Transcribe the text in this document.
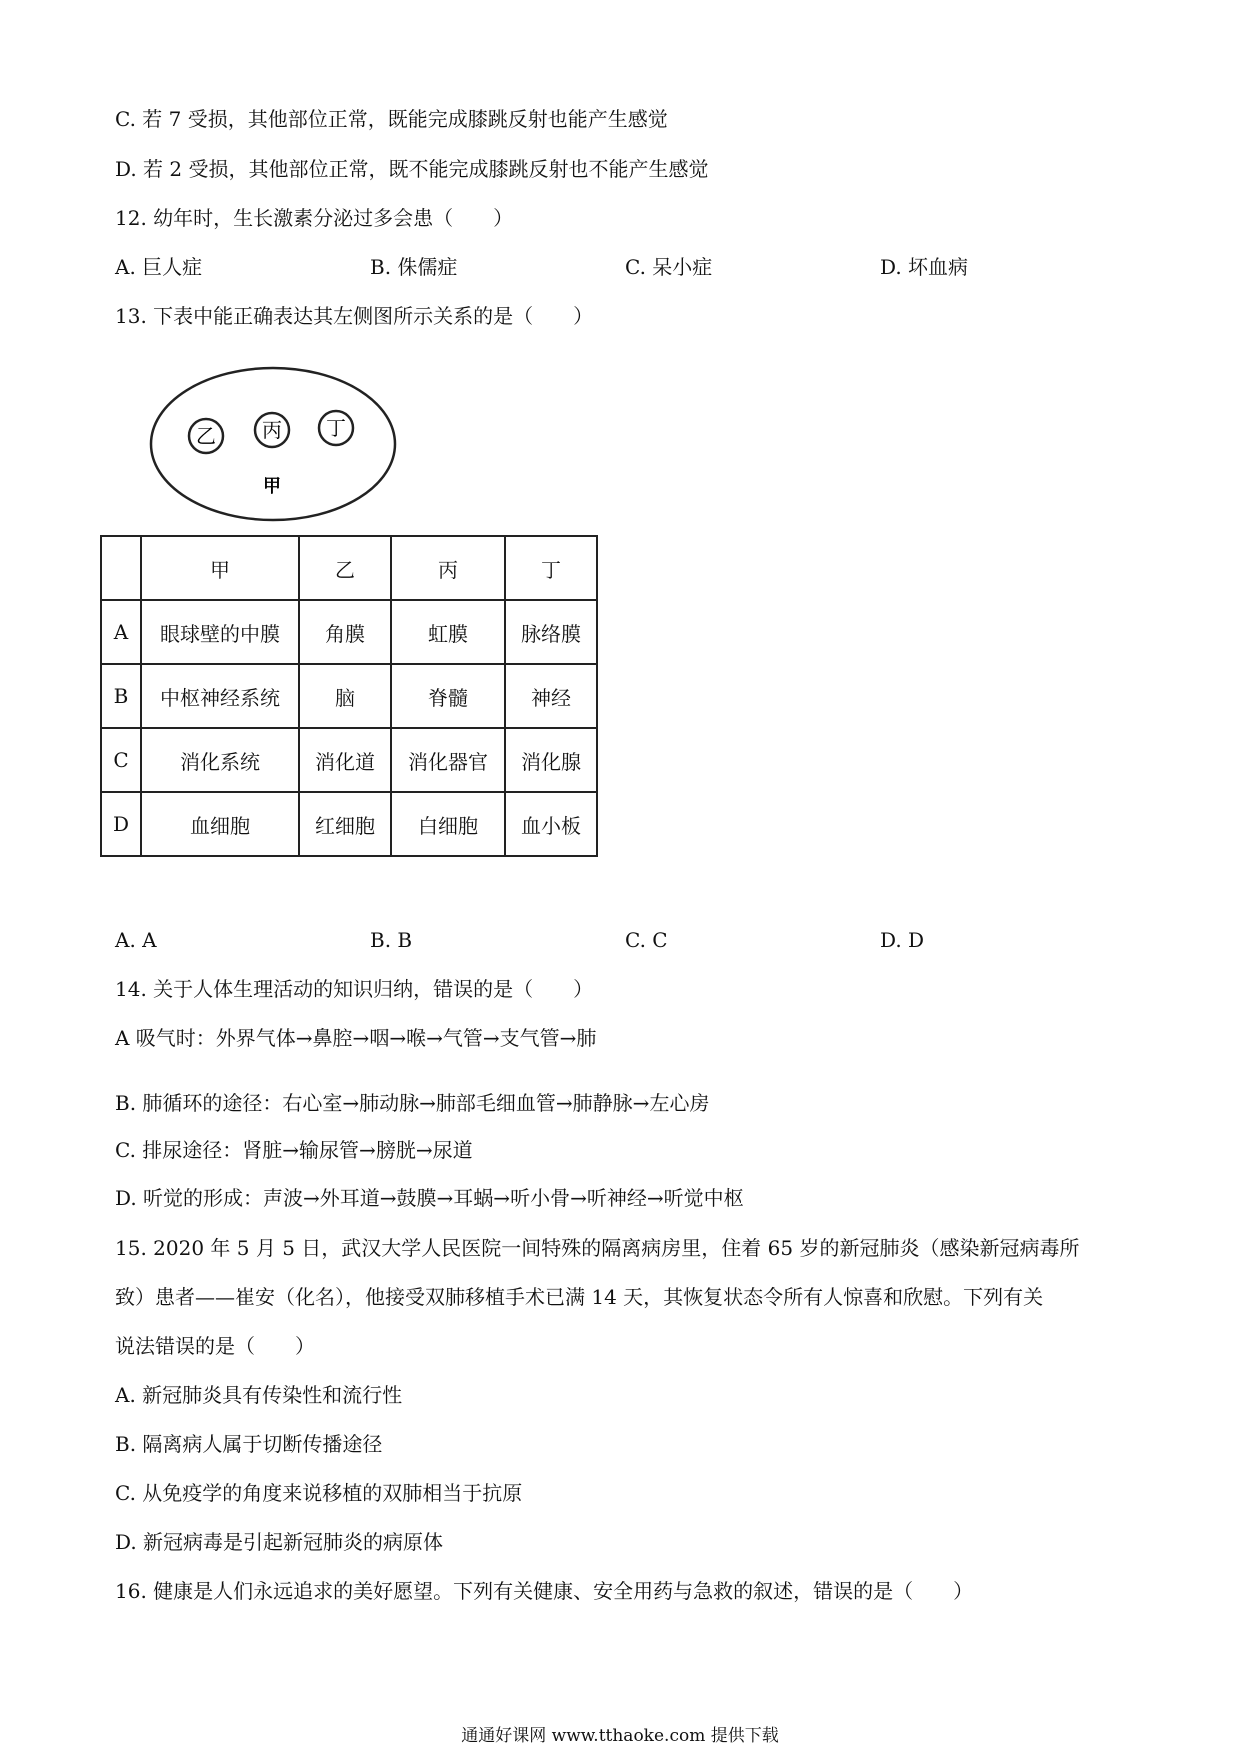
C. 若 7 受损，其他部位正常，既能完成膝跳反射也能产生感觉
D. 若 2 受损，其他部位正常，既不能完成膝跳反射也不能产生感觉
12. 幼年时，生长激素分泌过多会患（　　）
A. 巨人症	B. 侏儒症	C. 呆小症	D. 坏血病
13. 下表中能正确表达其左侧图所示关系的是（　　）
乙 丙 丁
甲
	甲	乙	丙	丁
A	眼球壁的中膜	角膜	虹膜	脉络膜
B	中枢神经系统	脑	脊髓	神经
C	消化系统	消化道	消化器官	消化腺
D	血细胞	红细胞	白细胞	血小板
A. A	B. B	C. C	D. D
14. 关于人体生理活动的知识归纳，错误的是（　　）
A 吸气时：外界气体→鼻腔→咽→喉→气管→支气管→肺
B. 肺循环的途径：右心室→肺动脉→肺部毛细血管→肺静脉→左心房
C. 排尿途径：肾脏→输尿管→膀胱→尿道
D. 听觉的形成：声波→外耳道→鼓膜→耳蜗→听小骨→听神经→听觉中枢
15. 2020 年 5 月 5 日，武汉大学人民医院一间特殊的隔离病房里，住着 65 岁的新冠肺炎（感染新冠病毒所
致）患者——崔安（化名），他接受双肺移植手术已满 14 天，其恢复状态令所有人惊喜和欣慰。下列有关
说法错误的是（　　）
A. 新冠肺炎具有传染性和流行性
B. 隔离病人属于切断传播途径
C. 从免疫学的角度来说移植的双肺相当于抗原
D. 新冠病毒是引起新冠肺炎的病原体
16. 健康是人们永远追求的美好愿望。下列有关健康、安全用药与急救的叙述，错误的是（　　）
通通好课网 www.tthaoke.com 提供下载
